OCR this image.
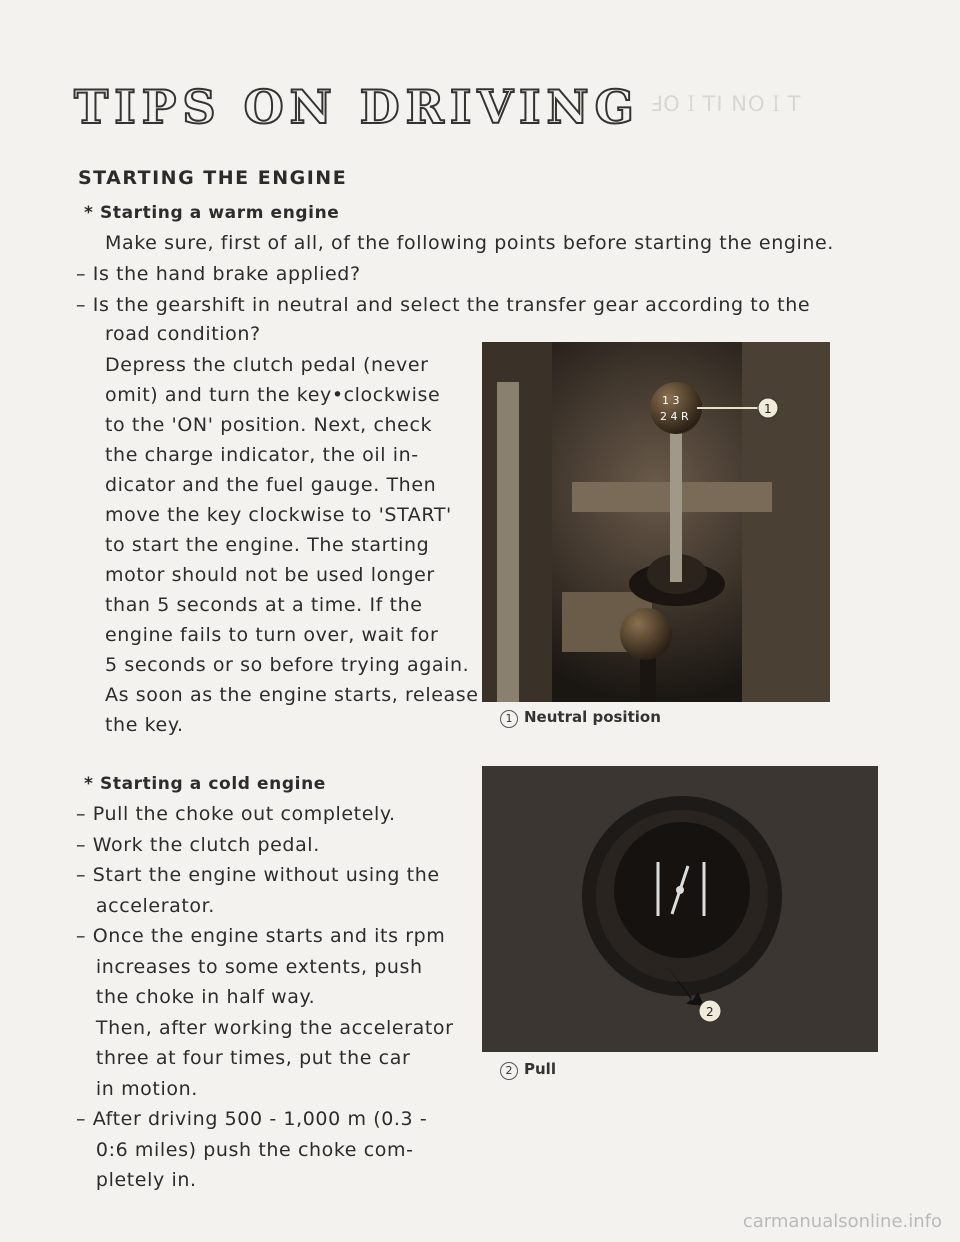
ℲOＩTI NOＩT
TIPS ON DRIVING
STARTING THE ENGINE
* Starting a warm engine
Make sure, first of all, of the following points before starting the engine.
– Is the hand brake applied?
– Is the gearshift in neutral and select the transfer gear according to the
road condition?
Depress the clutch pedal (never
omit) and turn the key•clockwise
to the 'ON' position. Next, check
the charge indicator, the oil in-
dicator and the fuel gauge. Then
move the key clockwise to 'START'
to start the engine. The starting
motor should not be used longer
than 5 seconds at a time. If the
engine fails to turn over, wait for
5 seconds or so before trying again.
As soon as the engine starts, release
the key.
* Starting a cold engine
– Pull the choke out completely.
– Work the clutch pedal.
– Start the engine without using the
accelerator.
– Once the engine starts and its rpm
increases to some extents, push
the choke in half way.
Then, after working the accelerator
three at four times, put the car
in motion.
– After driving 500 - 1,000 m (0.3 -
0:6 miles) push the choke com-
pletely in.
1 3
2 4 R
1
1 Neutral position
2
2 Pull
carmanualsonline.info
